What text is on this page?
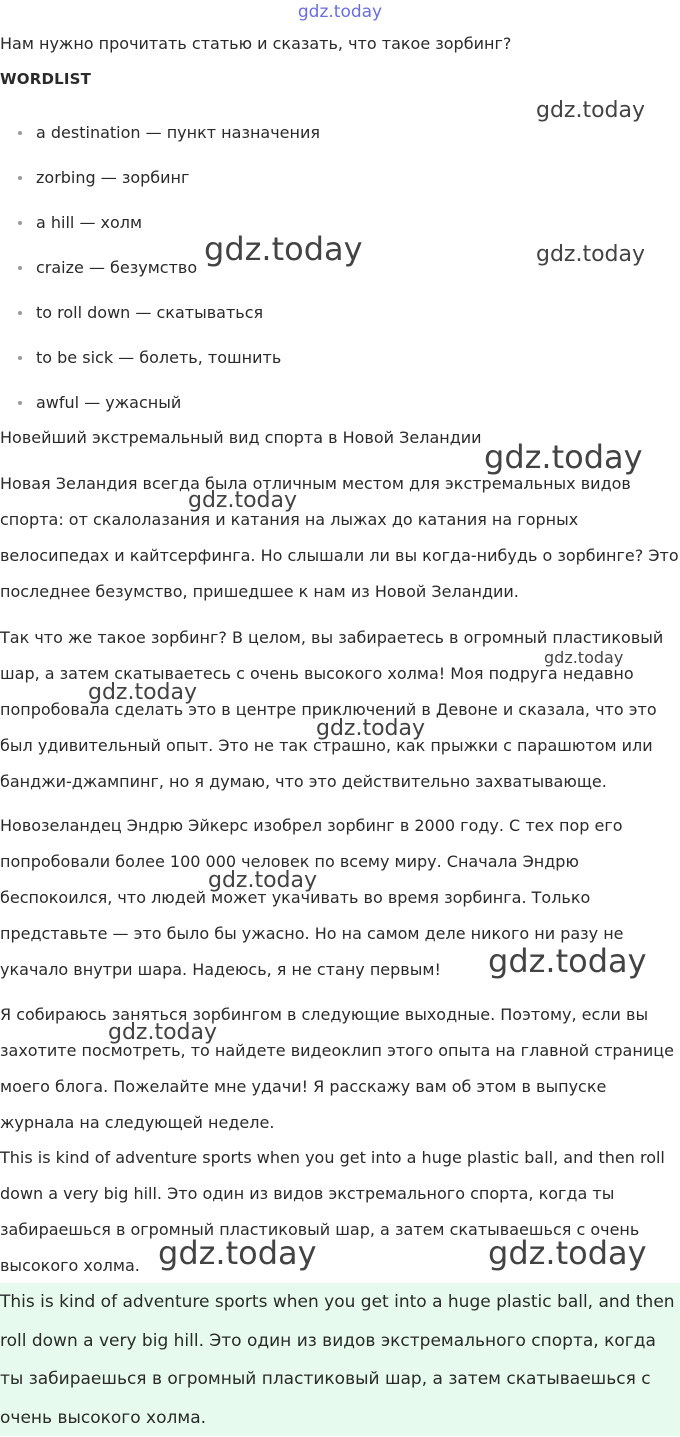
gdz.today
Нам нужно прочитать статью и сказать, что такое зорбинг?
WORDLIST
a destination — пункт назначения
zorbing — зорбинг
a hill — холм
craize — безумство
to roll down — скатываться
to be sick — болеть, тошнить
awful — ужасный
Новейший экстремальный вид спорта в Новой Зеландии

Новая Зеландия всегда была отличным местом для экстремальных видов спорта: от скалолазания и катания на лыжах до катания на горных велосипедах и кайтсерфинга. Но слышали ли вы когда-нибудь о зорбинге? Это последнее безумство, пришедшее к нам из Новой Зеландии.

Так что же такое зорбинг? В целом, вы забираетесь в огромный пластиковый шар, а затем скатываетесь с очень высокого холма! Моя подруга недавно попробовала сделать это в центре приключений в Девоне и сказала, что это был удивительный опыт. Это не так страшно, как прыжки с парашютом или банджи-джампинг, но я думаю, что это действительно захватывающе.

Новозеландец Эндрю Эйкерс изобрел зорбинг в 2000 году. С тех пор его попробовали более 100 000 человек по всему миру. Сначала Эндрю беспокоился, что людей может укачивать во время зорбинга. Только представьте — это было бы ужасно. Но на самом деле никого ни разу не укачало внутри шара. Надеюсь, я не стану первым!

Я собираюсь заняться зорбингом в следующие выходные. Поэтому, если вы захотите посмотреть, то найдете видеоклип этого опыта на главной странице моего блога. Пожелайте мне удачи! Я расскажу вам об этом в выпуске журнала на следующей неделе.

This is kind of adventure sports when you get into a huge plastic ball, and then roll down a very big hill. Это один из видов экстремального спорта, когда ты забираешься в огромный пластиковый шар, а затем скатываешься с очень высокого холма.

This is kind of adventure sports when you get into a huge plastic ball, and then roll down a very big hill. Это один из видов экстремального спорта, когда ты забираешься в огромный пластиковый шар, а затем скатываешься с очень высокого холма.

gdz.today
gdz.today	gdz.today
gdz.today
gdz.today
gdz.today
gdz.today
gdz.today
gdz.today
gdz.today
gdz.today
gdz.today	gdz.today
